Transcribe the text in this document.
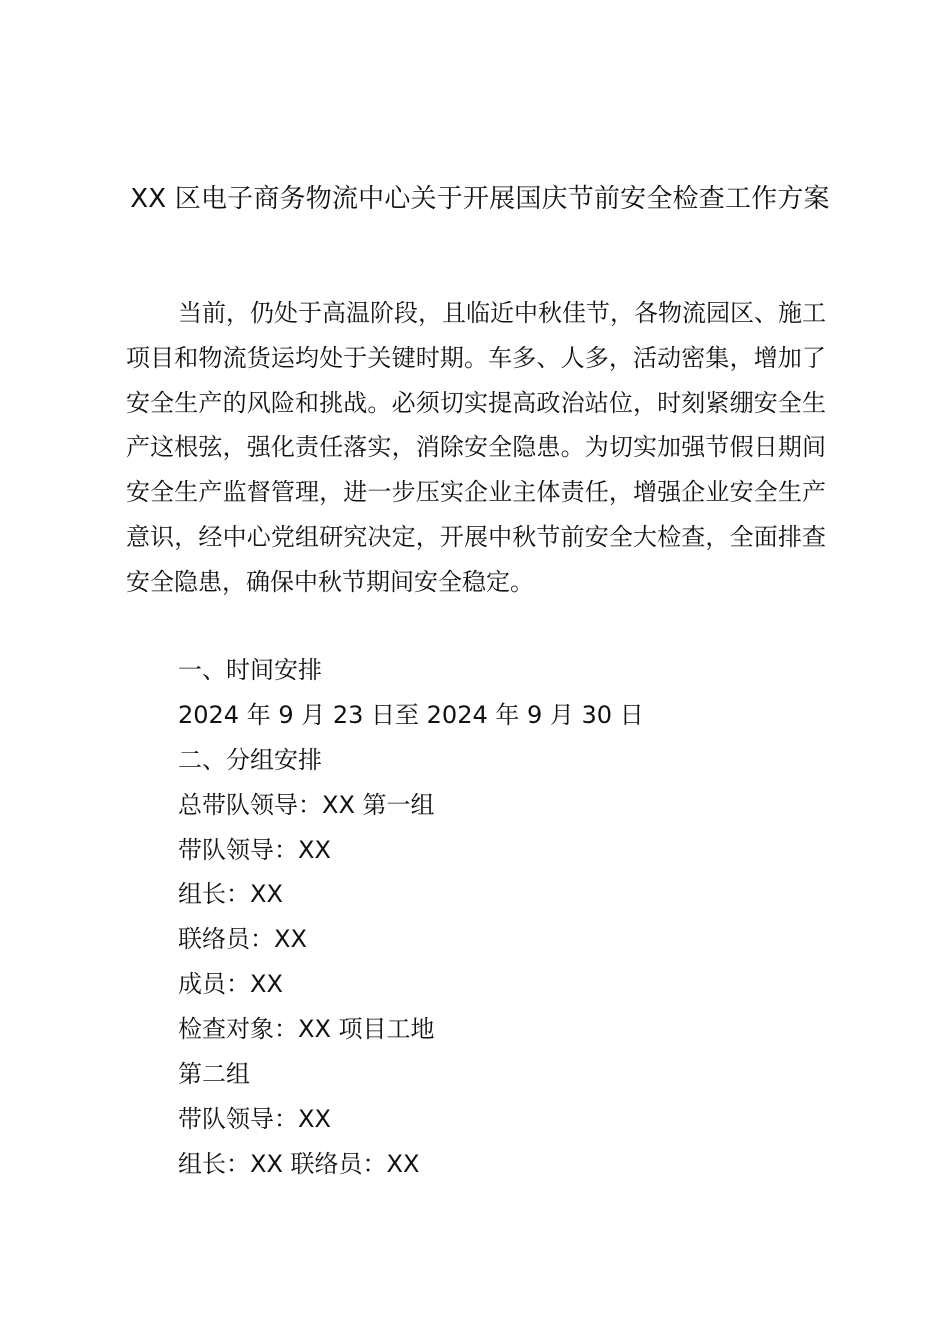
XX 区电子商务物流中心关于开展国庆节前安全检查工作方案
当前，仍处于高温阶段，且临近中秋佳节，各物流园区、施工项目和物流货运均处于关键时期。车多、人多，活动密集，增加了安全生产的风险和挑战。必须切实提高政治站位，时刻紧绷安全生产这根弦，强化责任落实，消除安全隐患。为切实加强节假日期间安全生产监督管理，进一步压实企业主体责任，增强企业安全生产意识，经中心党组研究决定，开展中秋节前安全大检查，全面排查安全隐患，确保中秋节期间安全稳定。
一、时间安排
2024 年 9 月 23 日至 2024 年 9 月 30 日
二、分组安排
总带队领导：XX 第一组
带队领导：XX
组长：XX
联络员：XX
成员：XX
检查对象：XX 项目工地
第二组
带队领导：XX
组长：XX 联络员：XX
